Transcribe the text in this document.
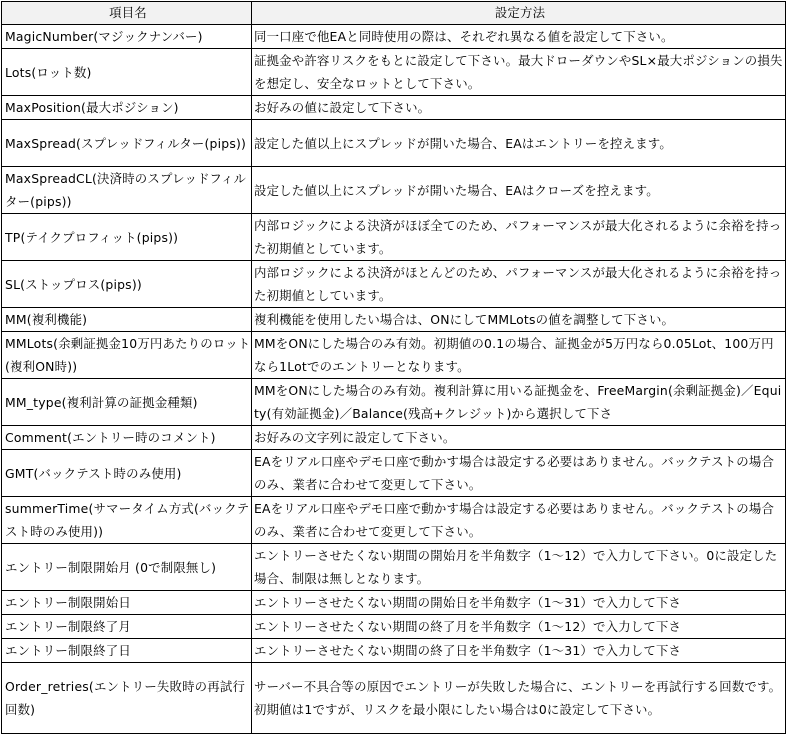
項目名	設定方法
MagicNumber(マジックナンバー)	同一口座で他EAと同時使用の際は、それぞれ異なる値を設定して下さい。
Lots(ロット数)	証拠金や許容リスクをもとに設定して下さい。最大ドローダウンやSL×最大ポジションの損失を想定し、安全なロットとして下さい。
MaxPosition(最大ポジション)	お好みの値に設定して下さい。
MaxSpread(スプレッドフィルター(pips))	設定した値以上にスプレッドが開いた場合、EAはエントリーを控えます。
MaxSpreadCL(決済時のスプレッドフィルター(pips))	設定した値以上にスプレッドが開いた場合、EAはクローズを控えます。
TP(テイクプロフィット(pips))	内部ロジックによる決済がほぼ全てのため、パフォーマンスが最大化されるように余裕を持った初期値としています。
SL(ストップロス(pips))	内部ロジックによる決済がほとんどのため、パフォーマンスが最大化されるように余裕を持った初期値としています。
MM(複利機能)	複利機能を使用したい場合は、ONにしてMMLotsの値を調整して下さい。
MMLots(余剰証拠金10万円あたりのロット(複利ON時))	MMをONにした場合のみ有効。初期値の0.1の場合、証拠金が5万円なら0.05Lot、100万円なら1Lotでのエントリーとなります。
MM_type(複利計算の証拠金種類)	MMをONにした場合のみ有効。複利計算に用いる証拠金を、FreeMargin(余剰証拠金)／Equity(有効証拠金)／Balance(残高+クレジット)から選択して下さ
Comment(エントリー時のコメント)	お好みの文字列に設定して下さい。
GMT(バックテスト時のみ使用)	EAをリアル口座やデモ口座で動かす場合は設定する必要はありません。バックテストの場合のみ、業者に合わせて変更して下さい。
summerTime(サマータイム方式(バックテスト時のみ使用))	EAをリアル口座やデモ口座で動かす場合は設定する必要はありません。バックテストの場合のみ、業者に合わせて変更して下さい。
エントリー制限開始月 (0で制限無し)	エントリーさせたくない期間の開始月を半角数字（1～12）で入力して下さい。0に設定した場合、制限は無しとなります。
エントリー制限開始日	エントリーさせたくない期間の開始日を半角数字（1～31）で入力して下さ
エントリー制限終了月	エントリーさせたくない期間の終了月を半角数字（1～12）で入力して下さ
エントリー制限終了日	エントリーさせたくない期間の終了日を半角数字（1～31）で入力して下さ
Order_retries(エントリー失敗時の再試行回数)	サーバー不具合等の原因でエントリーが失敗した場合に、エントリーを再試行する回数です。初期値は1ですが、リスクを最小限にしたい場合は0に設定して下さい。
